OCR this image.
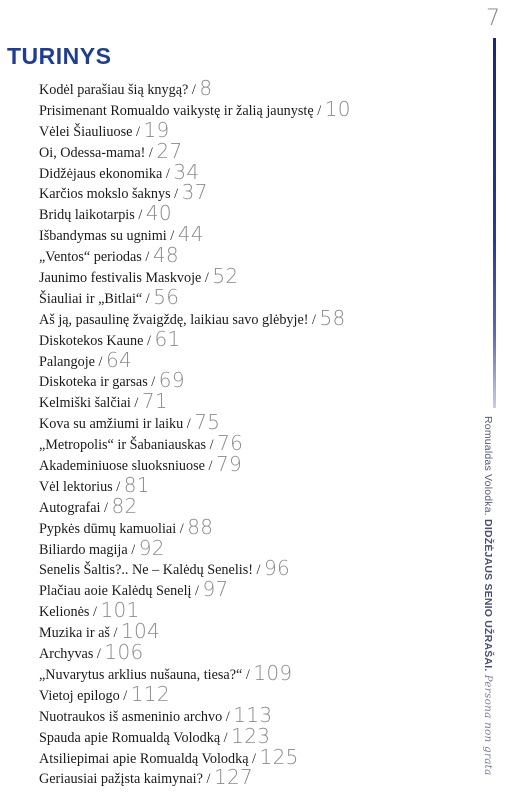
7
TURINYS
Kodėl parašiau šią knygą? / 8
Prisimenant Romualdo vaikystę ir žalią jaunystę / 10
Vėlei Šiauliuose / 19
Oi, Odessa-mama! / 27
Didžėjaus ekonomika / 34
Karčios mokslo šaknys / 37
Bridų laikotarpis / 40
Išbandymas su ugnimi / 44
„Ventos“ periodas / 48
Jaunimo festivalis Maskvoje / 52
Šiauliai ir „Bitlai“ / 56
Aš ją, pasaulinę žvaigždę, laikiau savo glėbyje! / 58
Diskotekos Kaune / 61
Palangoje / 64
Diskoteka ir garsas / 69
Kelmiški šalčiai / 71
Kova su amžiumi ir laiku / 75
„Metropolis“ ir Šabaniauskas / 76
Akademiniuose sluoksniuose / 79
Vėl lektorius / 81
Autografai / 82
Pypkės dūmų kamuoliai / 88
Biliardo magija / 92
Senelis Šaltis?.. Ne – Kalėdų Senelis! / 96
Plačiau aoie Kalėdų Senelį / 97
Kelionės / 101
Muzika ir aš / 104
Archyvas / 106
„Nuvarytus arklius nušauna, tiesa?“ / 109
Vietoj epilogo / 112
Nuotraukos iš asmeninio archvo / 113
Spauda apie Romualdą Volodką / 123
Atsiliepimai apie Romualdą Volodką / 125
Geriausiai pažįsta kaimynai? / 127
Romualdas Volodka. DIDŽĖJAUS SENIO UŽRAŠAI. Persona non grata
